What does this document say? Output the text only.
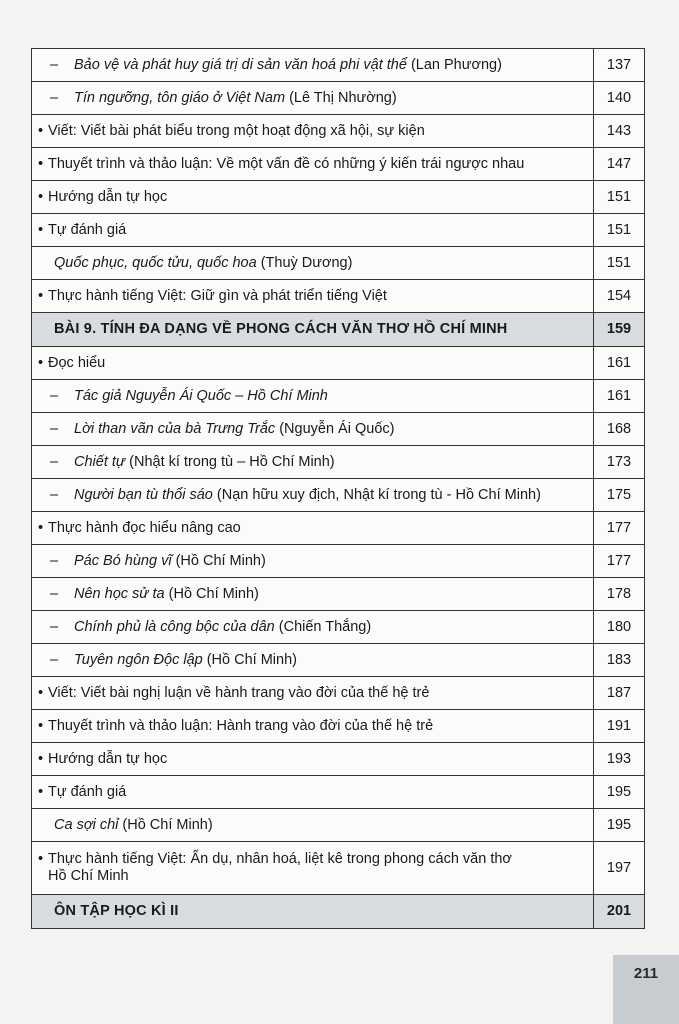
– Bảo vệ và phát huy giá trị di sản văn hoá phi vật thể (Lan Phương)	137
– Tín ngưỡng, tôn giáo ở Việt Nam (Lê Thị Nhường)	140
• Viết: Viết bài phát biểu trong một hoạt động xã hội, sự kiện	143
• Thuyết trình và thảo luận: Về một vấn đề có những ý kiến trái ngược nhau	147
• Hướng dẫn tự học	151
• Tự đánh giá	151
Quốc phục, quốc tửu, quốc hoa (Thuỳ Dương)	151
• Thực hành tiếng Việt: Giữ gìn và phát triển tiếng Việt	154
BÀI 9. TÍNH ĐA DẠNG VỀ PHONG CÁCH VĂN THƠ HỒ CHÍ MINH	159
• Đọc hiểu	161
– Tác giả Nguyễn Ái Quốc – Hồ Chí Minh	161
– Lời than vãn của bà Trưng Trắc (Nguyễn Ái Quốc)	168
– Chiết tự (Nhật kí trong tù – Hồ Chí Minh)	173
– Người bạn tù thổi sáo (Nạn hữu xuy địch, Nhật kí trong tù - Hồ Chí Minh)	175
• Thực hành đọc hiểu nâng cao	177
– Pác Bó hùng vĩ (Hồ Chí Minh)	177
– Nên học sử ta (Hồ Chí Minh)	178
– Chính phủ là công bộc của dân (Chiến Thắng)	180
– Tuyên ngôn Độc lập (Hồ Chí Minh)	183
• Viết: Viết bài nghị luận về hành trang vào đời của thế hệ trẻ	187
• Thuyết trình và thảo luận: Hành trang vào đời của thế hệ trẻ	191
• Hướng dẫn tự học	193
• Tự đánh giá	195
Ca sợi chỉ (Hồ Chí Minh)	195
• Thực hành tiếng Việt: Ẩn dụ, nhân hoá, liệt kê trong phong cách văn thơ
Hồ Chí Minh	197
ÔN TẬP HỌC KÌ II	201
211
